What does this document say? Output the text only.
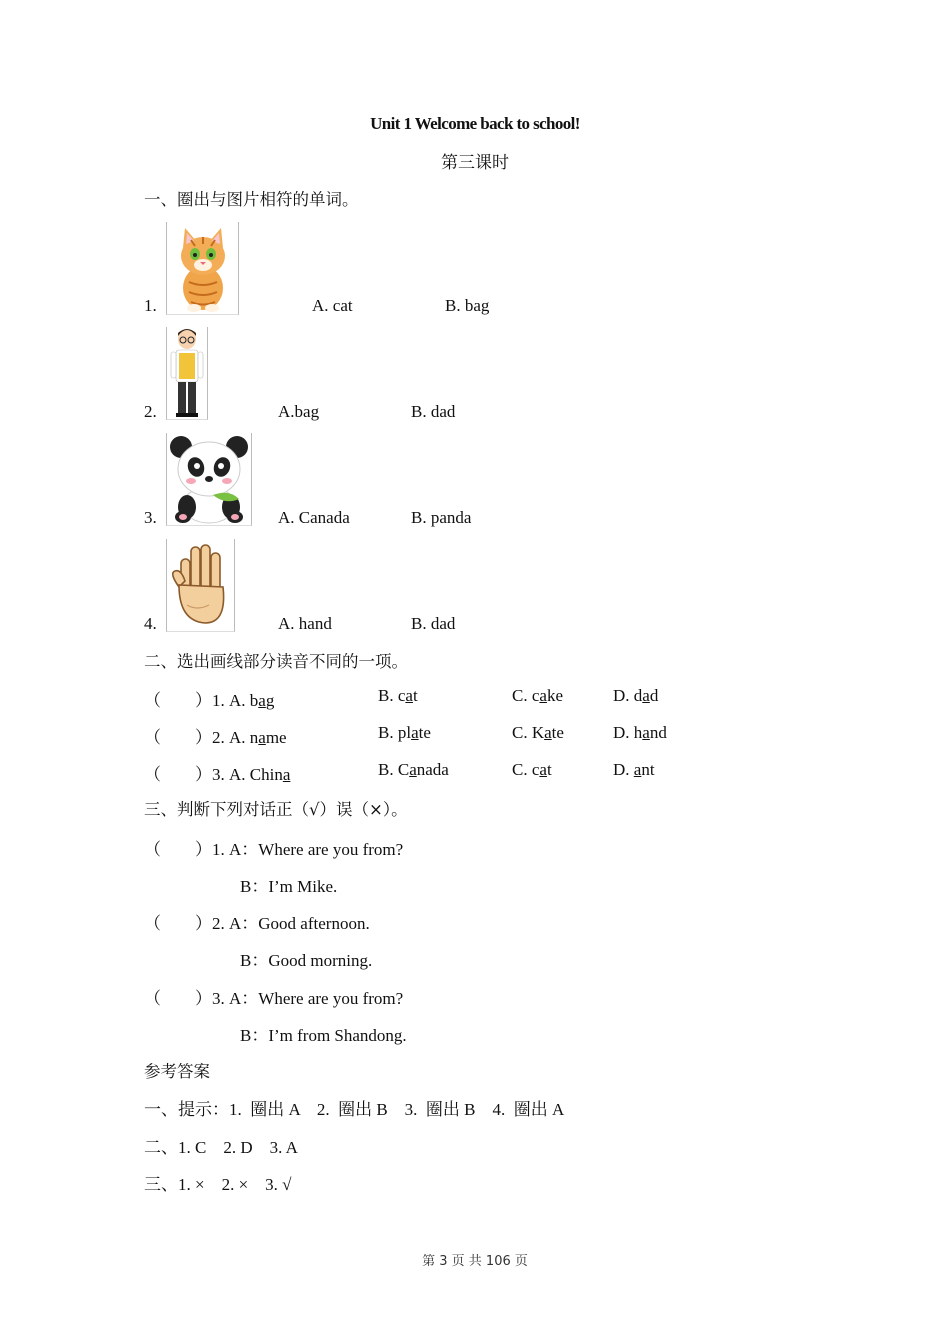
Unit 1 Welcome back to school!
第三课时
一、圈出与图片相符的单词。
1.	A. cat	B. bag
2.	A.bag	B. dad
3.	A. Canada	B. panda
4.	A. hand	B. dad
二、选出画线部分读音不同的一项。
（　　）1. A. bag	B. cat	C. cake	D. dad
（　　）2. A. name	B. plate	C. Kate	D. hand
（　　）3. A. China	B. Canada	C. cat	D. ant
三、判断下列对话正（√）误（×）。
（　　）1. A：Where are you from?
B：I’m Mike.
（　　）2. A：Good afternoon.
B：Good morning.
（　　）3. A：Where are you from?
B：I’m from Shandong.
参考答案
一、提示：1.  圈出 A    2.  圈出 B    3.  圈出 B    4.  圈出 A
二、1. C    2. D    3. A
三、1. ×    2. ×    3. √
第 3 页 共 106 页
